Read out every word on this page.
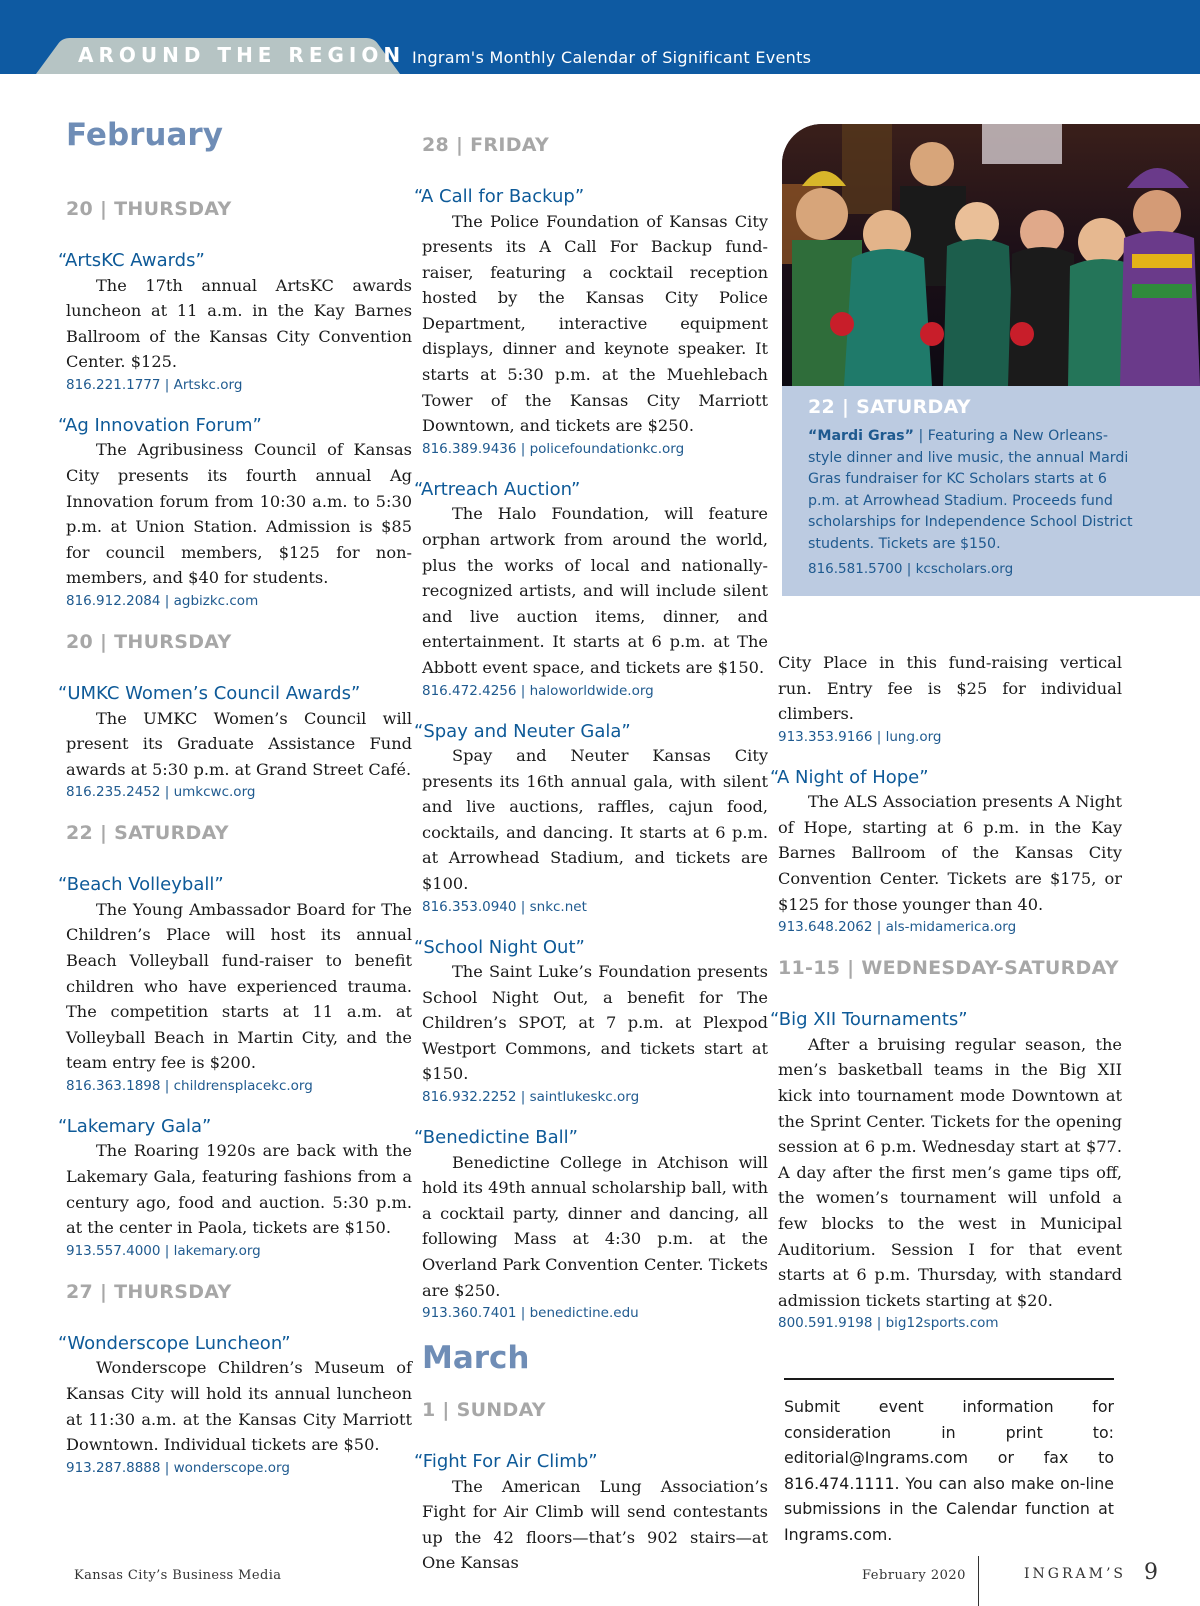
AROUND THE REGION Ingram's Monthly Calendar of Significant Events
February
20 | THURSDAY
“ArtsKC Awards”
The 17th annual ArtsKC awards luncheon at 11 a.m. in the Kay Barnes Ballroom of the Kansas City Convention Center. $125.
816.221.1777 | Artskc.org
“Ag Innovation Forum”
The Agribusiness Council of Kansas City presents its fourth annual Ag Innovation forum from 10:30 a.m. to 5:30 p.m. at Union Station. Admission is $85 for council members, $125 for non-members, and $40 for students.
816.912.2084 | agbizkc.com
20 | THURSDAY
“UMKC Women’s Council Awards”
The UMKC Women’s Council will present its Graduate Assistance Fund awards at 5:30 p.m. at Grand Street Café.
816.235.2452 | umkcwc.org
22 | SATURDAY
“Beach Volleyball”
The Young Ambassador Board for The Children’s Place will host its annual Beach Volleyball fund-raiser to benefit children who have experienced trauma. The competition starts at 11 a.m. at Volleyball Beach in Martin City, and the team entry fee is $200.
816.363.1898 | childrensplacekc.org
“Lakemary Gala”
The Roaring 1920s are back with the Lakemary Gala, featuring fashions from a century ago, food and auction. 5:30 p.m. at the center in Paola, tickets are $150.
913.557.4000 | lakemary.org
27 | THURSDAY
“Wonderscope Luncheon”
Wonderscope Children’s Museum of Kansas City will hold its annual luncheon at 11:30 a.m. at the Kansas City Marriott Downtown. Individual tickets are $50.
913.287.8888 | wonderscope.org
28 | FRIDAY
“A Call for Backup”
The Police Foundation of Kansas City presents its A Call For Backup fund-raiser, featuring a cocktail reception hosted by the Kansas City Police Department, interactive equipment displays, dinner and keynote speaker. It starts at 5:30 p.m. at the Muehlebach Tower of the Kansas City Marriott Downtown, and tickets are $250.
816.389.9436 | policefoundationkc.org
“Artreach Auction”
The Halo Foundation, will feature orphan artwork from around the world, plus the works of local and nationally-recognized artists, and will include silent and live auction items, dinner, and entertainment. It starts at 6 p.m. at The Abbott event space, and tickets are $150.
816.472.4256 | haloworldwide.org
“Spay and Neuter Gala”
Spay and Neuter Kansas City presents its 16th annual gala, with silent and live auctions, raffles, cajun food, cocktails, and dancing. It starts at 6 p.m. at Arrowhead Stadium, and tickets are $100.
816.353.0940 | snkc.net
“School Night Out”
The Saint Luke’s Foundation presents School Night Out, a benefit for The Children’s SPOT, at 7 p.m. at Plexpod Westport Commons, and tickets start at $150.
816.932.2252 | saintlukeskc.org
“Benedictine Ball”
Benedictine College in Atchison will hold its 49th annual scholarship ball, with a cocktail party, dinner and dancing, all following Mass at 4:30 p.m. at the Overland Park Convention Center. Tickets are $250.
913.360.7401 | benedictine.edu
March
1 | SUNDAY
“Fight For Air Climb”
The American Lung Association’s Fight for Air Climb will send contestants up the 42 floors—that’s 902 stairs—at One Kansas
22 | SATURDAY
“Mardi Gras” | Featuring a New Orleans-style dinner and live music, the annual Mardi Gras fundraiser for KC Scholars starts at 6 p.m. at Arrowhead Stadium. Proceeds fund scholarships for Independence School District students. Tickets are $150.
816.581.5700 | kcscholars.org
City Place in this fund-raising vertical run. Entry fee is $25 for individual climbers.
913.353.9166 | lung.org
“A Night of Hope”
The ALS Association presents A Night of Hope, starting at 6 p.m. in the Kay Barnes Ballroom of the Kansas City Convention Center. Tickets are $175, or $125 for those younger than 40.
913.648.2062 | als-midamerica.org
11-15 | WEDNESDAY-SATURDAY
“Big XII Tournaments”
After a bruising regular season, the men’s basketball teams in the Big XII kick into tournament mode Downtown at the Sprint Center. Tickets for the opening session at 6 p.m. Wednesday start at $77. A day after the first men’s game tips off, the women’s tournament will unfold a few blocks to the west in Municipal Auditorium. Session I for that event starts at 6 p.m. Thursday, with standard admission tickets starting at $20.
800.591.9198 | big12sports.com
Submit event information for consideration in print to: editorial@Ingrams.com or fax to 816.474.1111. You can also make on-line submissions in the Calendar function at Ingrams.com.
Kansas City’s Business Media	February 2020	INGRAM’S 9
